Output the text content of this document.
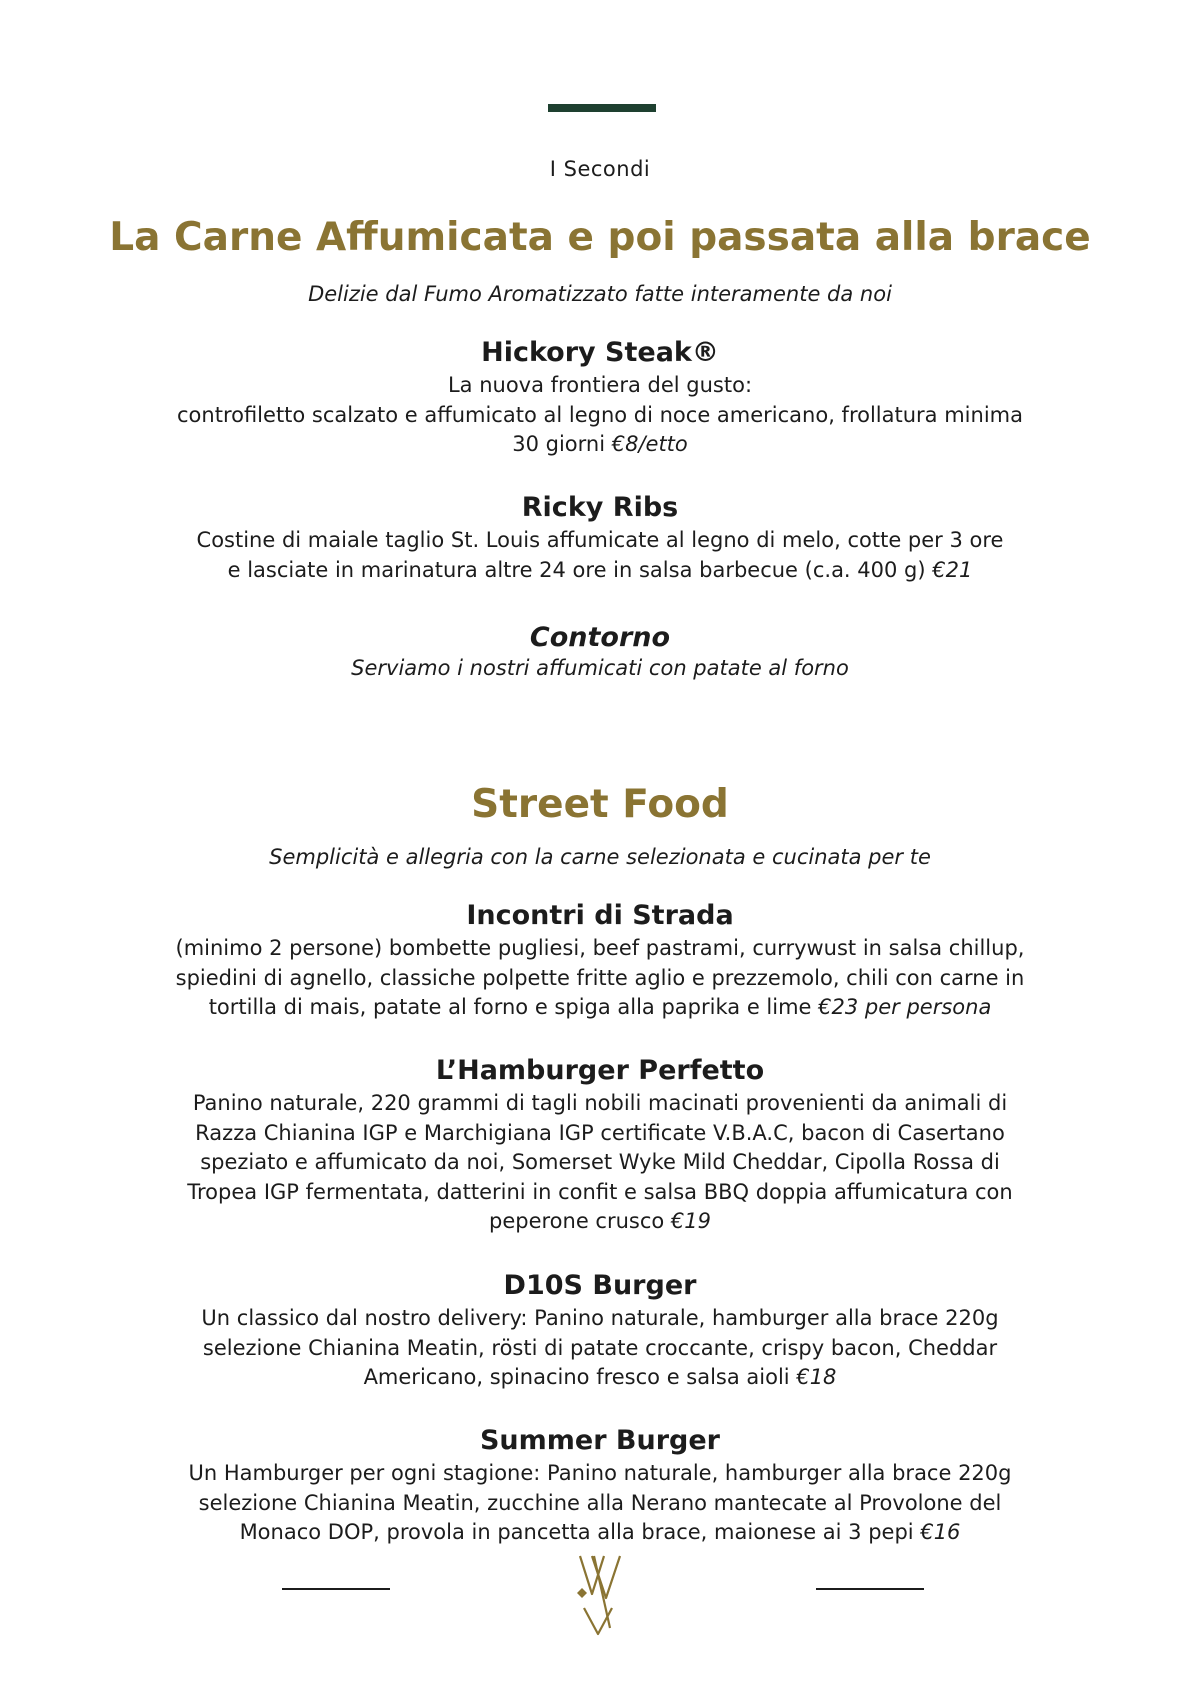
I Secondi
La Carne Affumicata e poi passata alla brace
Delizie dal Fumo Aromatizzato fatte interamente da noi
Hickory Steak®
La nuova frontiera del gusto:
controfiletto scalzato e affumicato al legno di noce americano, frollatura minima
30 giorni €8/etto
Ricky Ribs
Costine di maiale taglio St. Louis affumicate al legno di melo, cotte per 3 ore
e lasciate in marinatura altre 24 ore in salsa barbecue (c.a. 400 g) €21
Contorno
Serviamo i nostri affumicati con patate al forno
Street Food
Semplicità e allegria con la carne selezionata e cucinata per te
Incontri di Strada
(minimo 2 persone) bombette pugliesi, beef pastrami, currywust in salsa chillup,
spiedini di agnello, classiche polpette fritte aglio e prezzemolo, chili con carne in
tortilla di mais, patate al forno e spiga alla paprika e lime €23 per persona
L’Hamburger Perfetto
Panino naturale, 220 grammi di tagli nobili macinati provenienti da animali di
Razza Chianina IGP e Marchigiana IGP certificate V.B.A.C, bacon di Casertano
speziato e affumicato da noi, Somerset Wyke Mild Cheddar, Cipolla Rossa di
Tropea IGP fermentata, datterini in confit e salsa BBQ doppia affumicatura con
peperone crusco €19
D10S Burger
Un classico dal nostro delivery: Panino naturale, hamburger alla brace 220g
selezione Chianina Meatin, rösti di patate croccante, crispy bacon, Cheddar
Americano, spinacino fresco e salsa aioli €18
Summer Burger
Un Hamburger per ogni stagione: Panino naturale, hamburger alla brace 220g
selezione Chianina Meatin, zucchine alla Nerano mantecate al Provolone del
Monaco DOP, provola in pancetta alla brace, maionese ai 3 pepi €16
